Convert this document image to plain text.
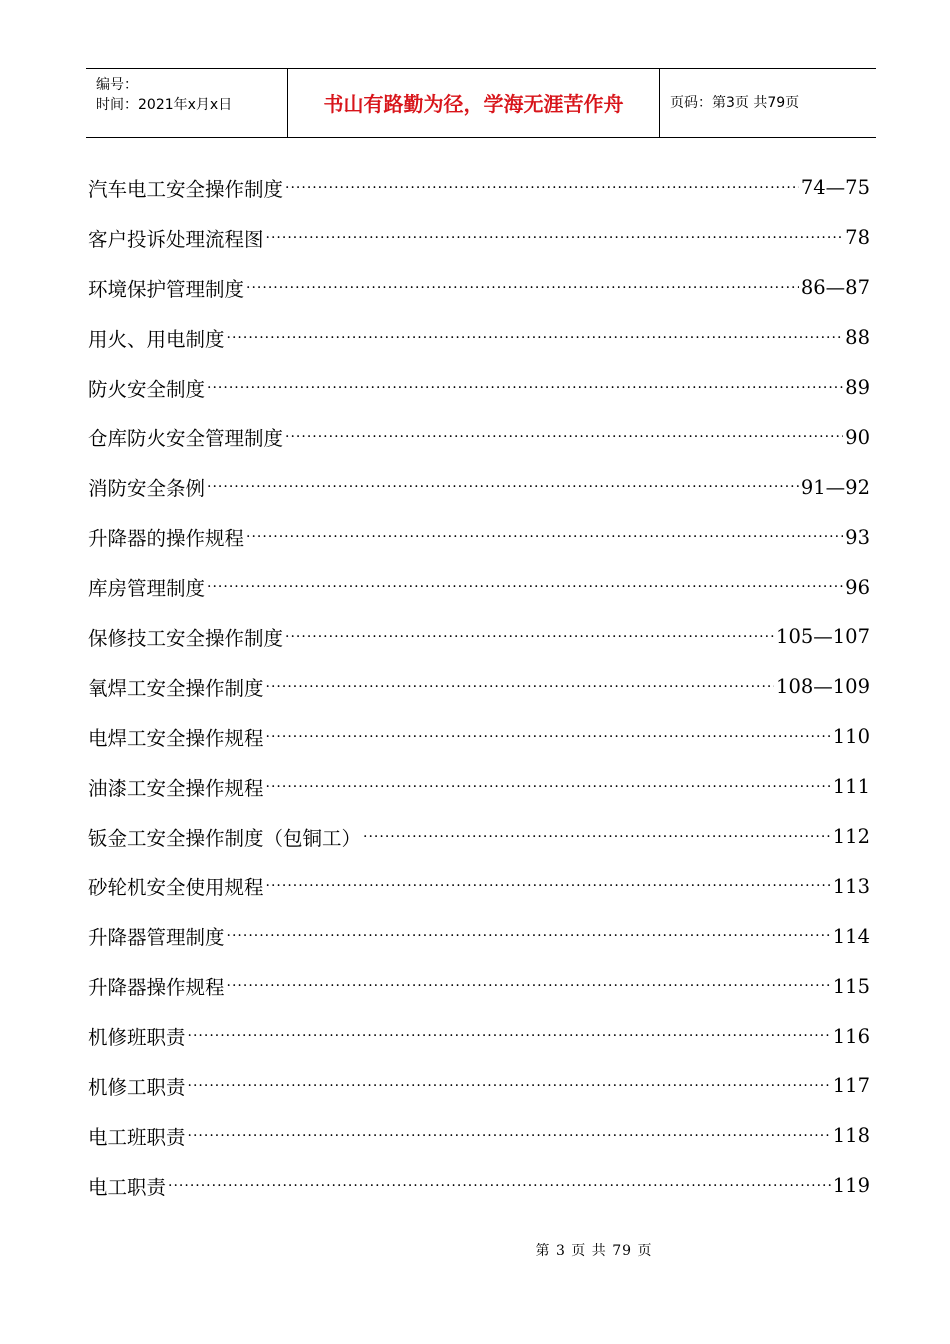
编号：
时间：2021年x月x日	书山有路勤为径，学海无涯苦作舟	页码：第3页 共79页
汽车电工安全操作制度 ·····	74—75
客户投诉处理流程图 ·····	78
环境保护管理制度 ·····	86—87
用火、用电制度 ·····	88
防火安全制度 ·····	89
仓库防火安全管理制度 ·····	90
消防安全条例 ·····	91—92
升降器的操作规程 ·····	93
库房管理制度 ·····	96
保修技工安全操作制度 ·····	105—107
氧焊工安全操作制度 ·····	108—109
电焊工安全操作规程 ·····	110
油漆工安全操作规程 ·····	111
钣金工安全操作制度（包铜工） ·····	112
砂轮机安全使用规程 ·····	113
升降器管理制度 ·····	114
升降器操作规程 ·····	115
机修班职责 ·····	116
机修工职责 ·····	117
电工班职责 ·····	118
电工职责 ·····	119
第 3 页 共 79 页
